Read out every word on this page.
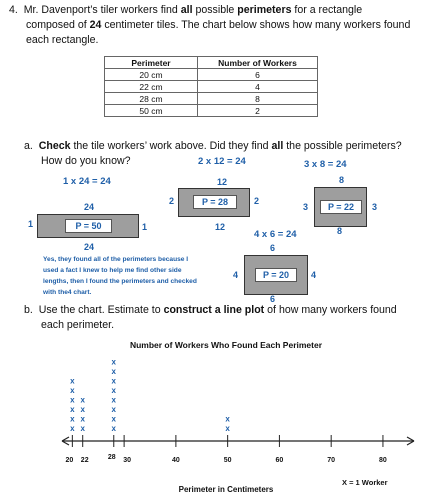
4. Mr. Davenport’s tiler workers find all possible perimeters for a rectangle
composed of 24 centimeter tiles. The chart below shows how many workers found
each rectangle.
Perimeter	Number of Workers
20 cm	6
22 cm	4
28 cm	8
50 cm	2
a. Check the tile workers’ work above. Did they find all the possible perimeters?
How do you know?	2 x 12 = 24	3 x 8 = 24
1 x 24 = 24
4 x 6 = 24
24
P = 50
1	1
24
12
P = 28
2	2
12
8
P = 22
3	3
8
6
P = 20
4	4
6
Yes, they found all of the perimeters because I
used a fact I knew to help me find other side
lengths, then I found the perimeters and checked
with the4 chart.
b. Use the chart. Estimate to construct a line plot of how many workers found
each perimeter.
Number of Workers Who Found Each Perimeter
20 22	28 30	40	50	60	70	80
x
x
x
x
x
x
x
x
x
x
x
x
x
x
x
x
x
x
x
x
Perimeter in Centimeters
X = 1 Worker
